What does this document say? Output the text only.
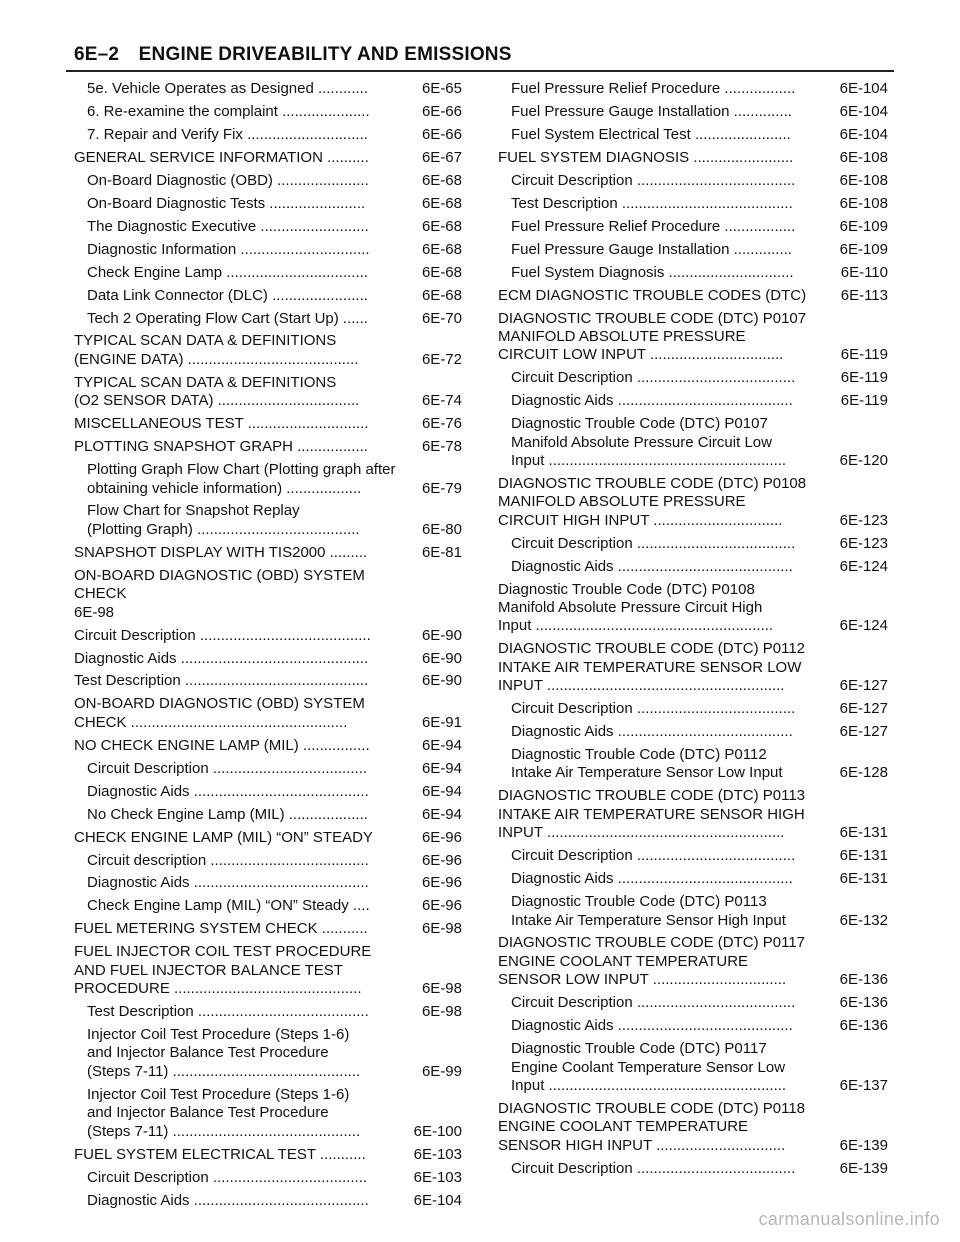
6E–2 ENGINE DRIVEABILITY AND EMISSIONS
5e. Vehicle Operates as Designed ............	6E-65
6. Re-examine the complaint .....................	6E-66
7. Repair and Verify Fix .............................	6E-66
GENERAL SERVICE INFORMATION ..........	6E-67
On-Board Diagnostic (OBD) ......................	6E-68
On-Board Diagnostic Tests .......................	6E-68
The Diagnostic Executive ..........................	6E-68
Diagnostic Information ...............................	6E-68
Check Engine Lamp ..................................	6E-68
Data Link Connector (DLC) .......................	6E-68
Tech 2 Operating Flow Cart (Start Up) ......	6E-70
TYPICAL SCAN DATA & DEFINITIONS
(ENGINE DATA) .........................................	6E-72
TYPICAL SCAN DATA & DEFINITIONS
(O2 SENSOR DATA) ..................................	6E-74
MISCELLANEOUS TEST .............................	6E-76
PLOTTING SNAPSHOT GRAPH .................	6E-78
Plotting Graph Flow Chart (Plotting graph after
obtaining vehicle information) ..................	6E-79
Flow Chart for Snapshot Replay
(Plotting Graph) .......................................	6E-80
SNAPSHOT DISPLAY WITH TIS2000 .........	6E-81
ON-BOARD DIAGNOSTIC (OBD) SYSTEM CHECK
6E-98
Circuit Description .........................................	6E-90
Diagnostic Aids .............................................	6E-90
Test Description ............................................	6E-90
ON-BOARD DIAGNOSTIC (OBD) SYSTEM
CHECK ....................................................	6E-91
NO CHECK ENGINE LAMP (MIL) ................	6E-94
Circuit Description .....................................	6E-94
Diagnostic Aids ..........................................	6E-94
No Check Engine Lamp (MIL) ...................	6E-94
CHECK ENGINE LAMP (MIL) “ON” STEADY	6E-96
Circuit description ......................................	6E-96
Diagnostic Aids ..........................................	6E-96
Check Engine Lamp (MIL) “ON” Steady ....	6E-96
FUEL METERING SYSTEM CHECK ...........	6E-98
FUEL INJECTOR COIL TEST PROCEDURE
AND FUEL INJECTOR BALANCE TEST
PROCEDURE .............................................	6E-98
Test Description .........................................	6E-98
Injector Coil Test Procedure (Steps 1-6)
and Injector Balance Test Procedure
(Steps 7-11) .............................................	6E-99
Injector Coil Test Procedure (Steps 1-6)
and Injector Balance Test Procedure
(Steps 7-11) .............................................	6E-100
FUEL SYSTEM ELECTRICAL TEST ...........	6E-103
Circuit Description .....................................	6E-103
Diagnostic Aids ..........................................	6E-104
Fuel Pressure Relief Procedure .................	6E-104
Fuel Pressure Gauge Installation ..............	6E-104
Fuel System Electrical Test .......................	6E-104
FUEL SYSTEM DIAGNOSIS ........................	6E-108
Circuit Description ......................................	6E-108
Test Description .........................................	6E-108
Fuel Pressure Relief Procedure .................	6E-109
Fuel Pressure Gauge Installation ..............	6E-109
Fuel System Diagnosis ..............................	6E-110
ECM DIAGNOSTIC TROUBLE CODES (DTC)	6E-113
DIAGNOSTIC TROUBLE CODE (DTC) P0107
MANIFOLD ABSOLUTE PRESSURE
CIRCUIT LOW INPUT ................................	6E-119
Circuit Description ......................................	6E-119
Diagnostic Aids ..........................................	6E-119
Diagnostic Trouble Code (DTC) P0107
Manifold Absolute Pressure Circuit Low
Input .........................................................	6E-120
DIAGNOSTIC TROUBLE CODE (DTC) P0108
MANIFOLD ABSOLUTE PRESSURE
CIRCUIT HIGH INPUT ...............................	6E-123
Circuit Description ......................................	6E-123
Diagnostic Aids ..........................................	6E-124
Diagnostic Trouble Code (DTC) P0108
Manifold Absolute Pressure Circuit High
Input .........................................................	6E-124
DIAGNOSTIC TROUBLE CODE (DTC) P0112
INTAKE AIR TEMPERATURE SENSOR LOW
INPUT .........................................................	6E-127
Circuit Description ......................................	6E-127
Diagnostic Aids ..........................................	6E-127
Diagnostic Trouble Code (DTC) P0112
Intake Air Temperature Sensor Low Input	6E-128
DIAGNOSTIC TROUBLE CODE (DTC) P0113
INTAKE AIR TEMPERATURE SENSOR HIGH
INPUT .........................................................	6E-131
Circuit Description ......................................	6E-131
Diagnostic Aids ..........................................	6E-131
Diagnostic Trouble Code (DTC) P0113
Intake Air Temperature Sensor High Input	6E-132
DIAGNOSTIC TROUBLE CODE (DTC) P0117
ENGINE COOLANT TEMPERATURE
SENSOR LOW INPUT ................................	6E-136
Circuit Description ......................................	6E-136
Diagnostic Aids ..........................................	6E-136
Diagnostic Trouble Code (DTC) P0117
Engine Coolant Temperature Sensor Low
Input .........................................................	6E-137
DIAGNOSTIC TROUBLE CODE (DTC) P0118
ENGINE COOLANT TEMPERATURE
SENSOR HIGH INPUT ...............................	6E-139
Circuit Description ......................................	6E-139
carmanualsonline.info
